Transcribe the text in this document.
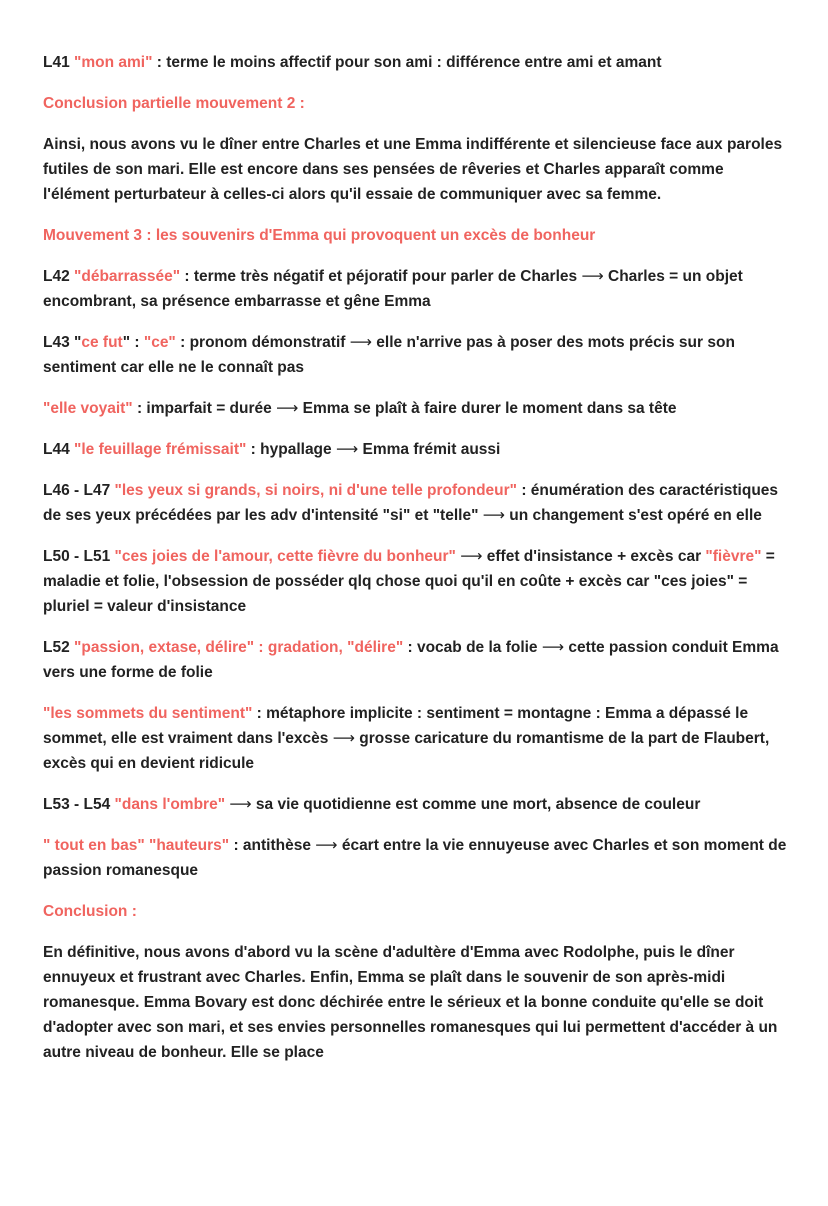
L41 "mon ami" : terme le moins affectif pour son ami : différence entre ami et amant

Conclusion partielle mouvement 2 :

Ainsi, nous avons vu le dîner entre Charles et une Emma indifférente et silencieuse face aux paroles futiles de son mari. Elle est encore dans ses pensées de rêveries et Charles apparaît comme l'élément perturbateur à celles-ci alors qu'il essaie de communiquer avec sa femme.

Mouvement 3 : les souvenirs d'Emma qui provoquent un excès de bonheur

L42 "débarrassée" : terme très négatif et péjoratif pour parler de Charles ⟶ Charles = un objet encombrant, sa présence embarrasse et gêne Emma

L43 "ce fut" : "ce" : pronom démonstratif ⟶ elle n'arrive pas à poser des mots précis sur son sentiment car elle ne le connaît pas

"elle voyait" : imparfait = durée ⟶ Emma se plaît à faire durer le moment dans sa tête

L44 "le feuillage frémissait" : hypallage ⟶ Emma frémit aussi

L46 - L47 "les yeux si grands, si noirs, ni d'une telle profondeur" : énumération des caractéristiques de ses yeux précédées par les adv d'intensité "si" et "telle" ⟶ un changement s'est opéré en elle

L50 - L51 "ces joies de l'amour, cette fièvre du bonheur" ⟶ effet d'insistance + excès car "fièvre" = maladie et folie, l'obsession de posséder qlq chose quoi qu'il en coûte + excès car "ces joies" = pluriel = valeur d'insistance

L52 "passion, extase, délire" : gradation, "délire" : vocab de la folie ⟶ cette passion conduit Emma vers une forme de folie

"les sommets du sentiment" : métaphore implicite : sentiment = montagne : Emma a dépassé le sommet, elle est vraiment dans l'excès ⟶ grosse caricature du romantisme de la part de Flaubert, excès qui en devient ridicule

L53 - L54 "dans l'ombre" ⟶ sa vie quotidienne est comme une mort, absence de couleur

" tout en bas" "hauteurs" : antithèse ⟶ écart entre la vie ennuyeuse avec Charles et son moment de passion romanesque

Conclusion :

En définitive, nous avons d'abord vu la scène d'adultère d'Emma avec Rodolphe, puis le dîner ennuyeux et frustrant avec Charles. Enfin, Emma se plaît dans le souvenir de son après-midi romanesque. Emma Bovary est donc déchirée entre le sérieux et la bonne conduite qu'elle se doit d'adopter avec son mari, et ses envies personnelles romanesques qui lui permettent d'accéder à un autre niveau de bonheur. Elle se place
